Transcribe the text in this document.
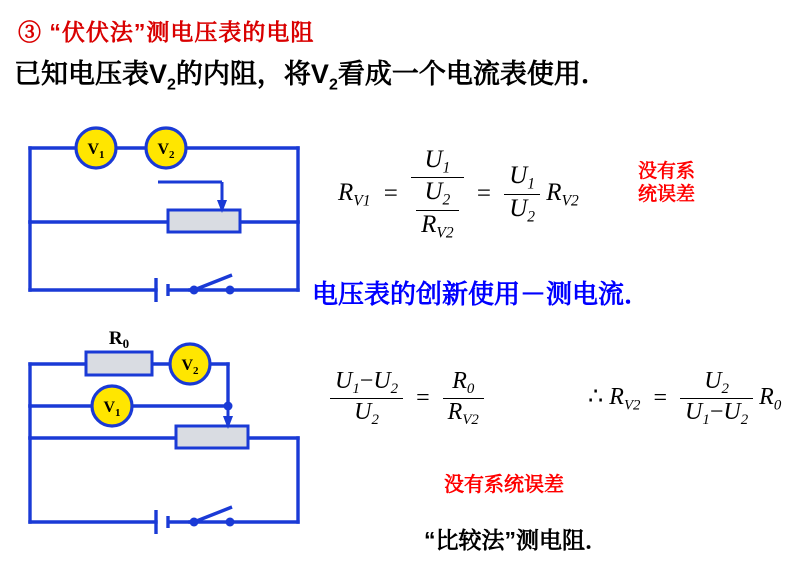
③ “伏伏法”测电压表的电阻
已知电压表$V_2$的内阻，将$V_2$看成一个电流表使用．
$V_1$	$V_2$
$R_0$
$V_2$
$V_1$
$R_{V1} = \frac{U_1}{\frac{U_2}{R_{V2}}} = \frac{U_1}{U_2} R_{V2}$
没有系
统误差
电压表的创新使用－测电流．
$\frac{U_1-U_2}{U_2} = \frac{R_0}{R_{V2}}$	∴ $R_{V2} = \frac{U_2}{U_1-U_2} R_0$
没有系统误差
“比较法”测电阻．
